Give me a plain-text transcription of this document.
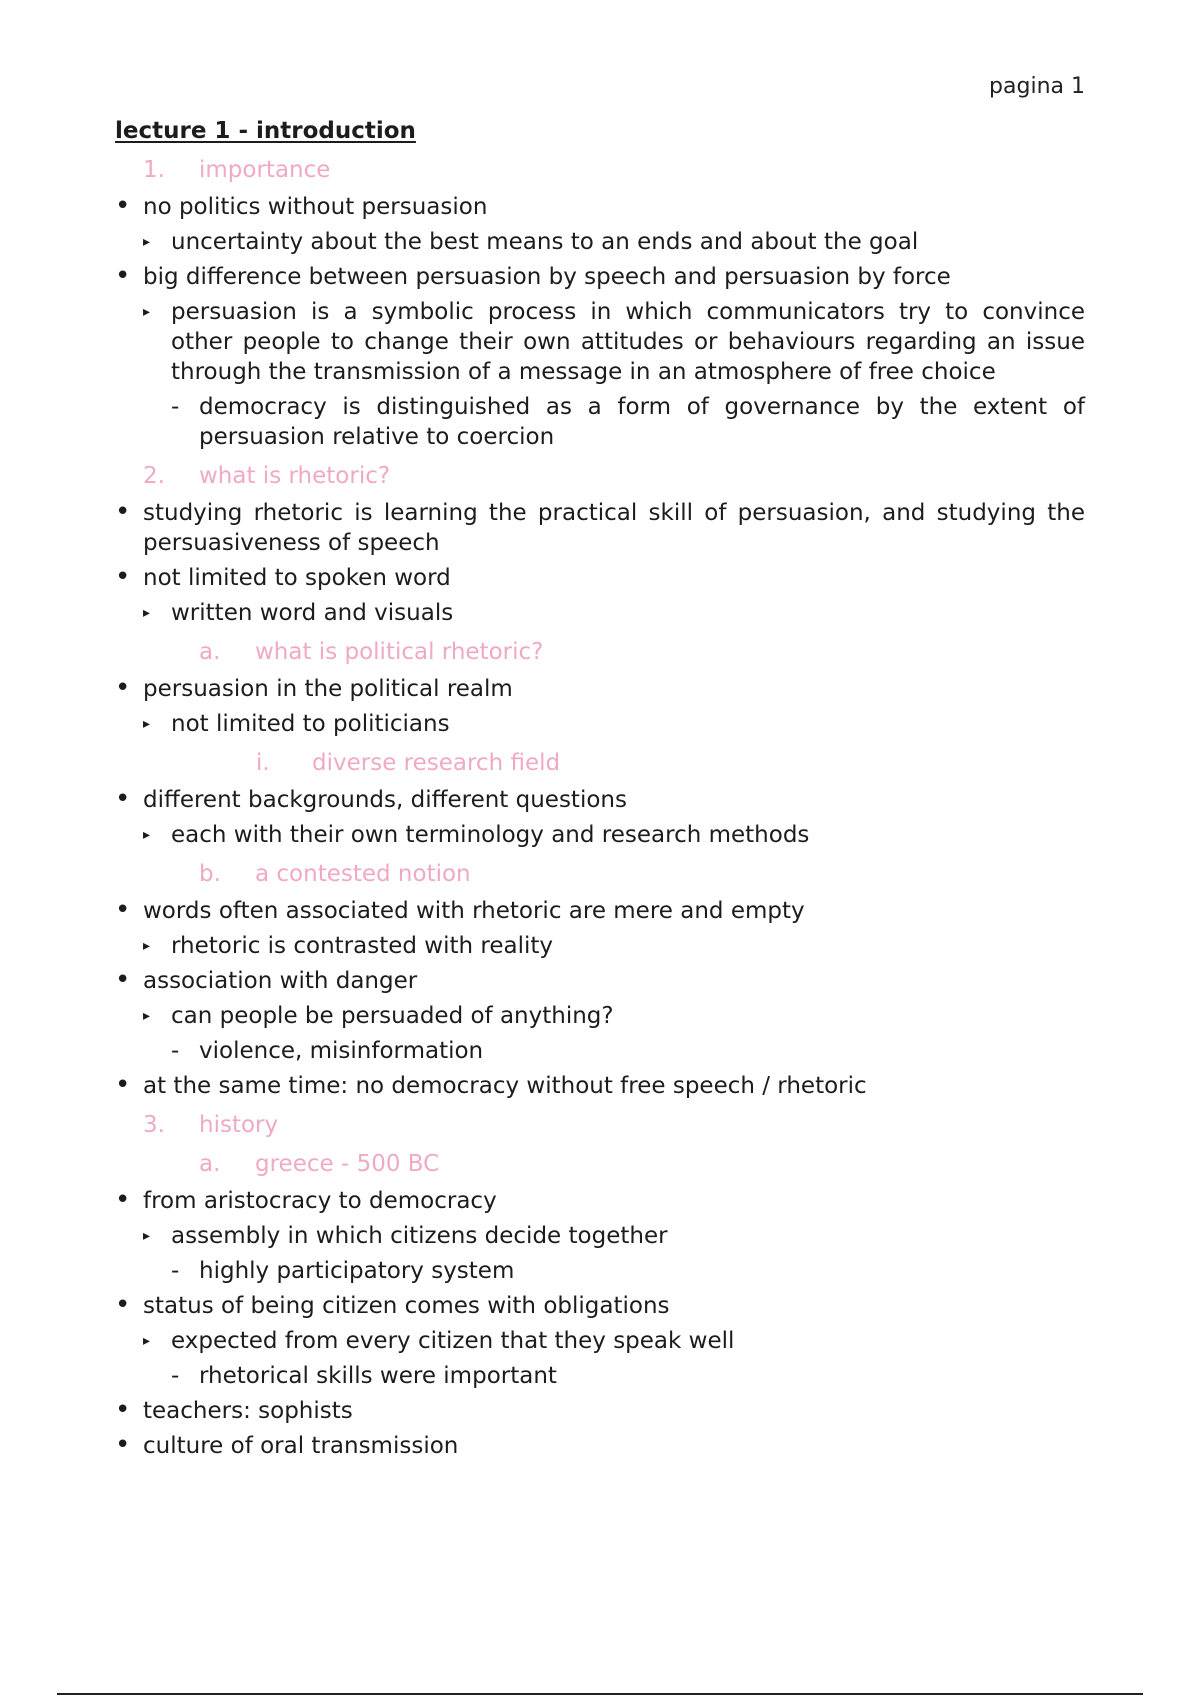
pagina 1
lecture 1 - introduction
1.	importance
• no politics without persuasion
▸ uncertainty about the best means to an ends and about the goal
• big difference between persuasion by speech and persuasion by force
▸ persuasion is a symbolic process in which communicators try to convince other people to change their own attitudes or behaviours regarding an issue through the transmission of a message in an atmosphere of free choice
- democracy is distinguished as a form of governance by the extent of persuasion relative to coercion
2.	what is rhetoric?
• studying rhetoric is learning the practical skill of persuasion, and studying the persuasiveness of speech
• not limited to spoken word
▸ written word and visuals
a.	what is political rhetoric?
• persuasion in the political realm
▸ not limited to politicians
i.	diverse research field
• different backgrounds, different questions
▸ each with their own terminology and research methods
b.	a contested notion
• words often associated with rhetoric are mere and empty
▸ rhetoric is contrasted with reality
• association with danger
▸ can people be persuaded of anything?
- violence, misinformation
• at the same time: no democracy without free speech / rhetoric
3.	history
a.	greece - 500 BC
• from aristocracy to democracy
▸ assembly in which citizens decide together
- highly participatory system
• status of being citizen comes with obligations
▸ expected from every citizen that they speak well
- rhetorical skills were important
• teachers: sophists
• culture of oral transmission
